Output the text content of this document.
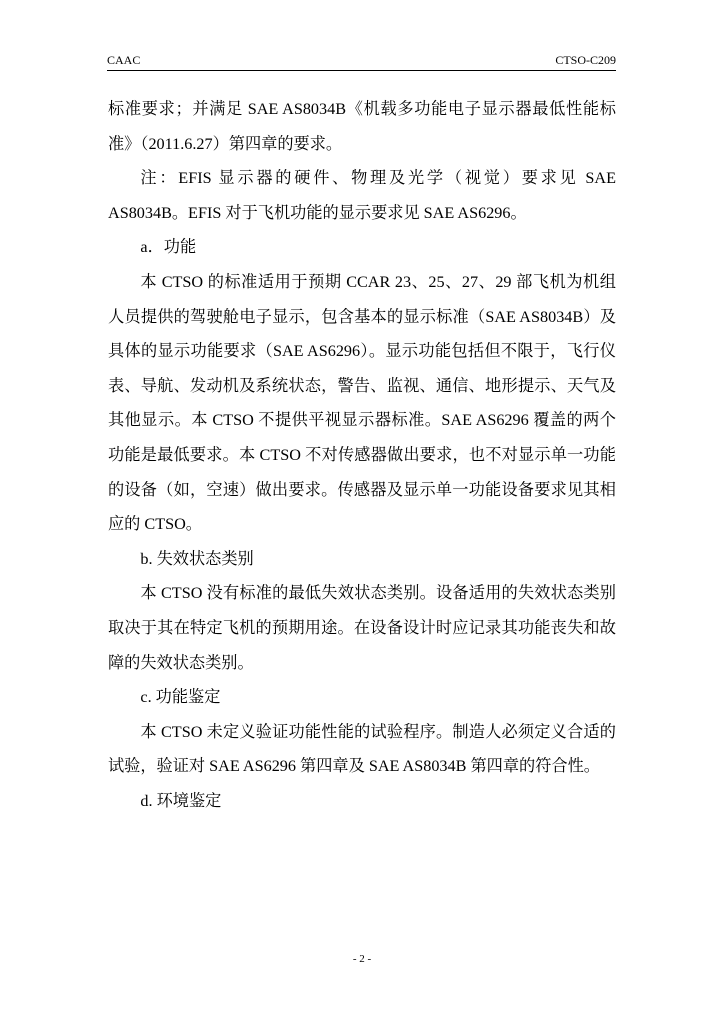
CAAC	CTSO-C209

标准要求；并满足 SAE AS8034B《机载多功能电子显示器最低性能标准》（2011.6.27）第四章的要求。

注：EFIS 显示器的硬件、物理及光学（视觉）要求见 SAE AS8034B。EFIS 对于飞机功能的显示要求见 SAE AS6296。

a．功能

本 CTSO 的标准适用于预期 CCAR 23、25、27、29 部飞机为机组人员提供的驾驶舱电子显示，包含基本的显示标准（SAE AS8034B）及具体的显示功能要求（SAE AS6296）。显示功能包括但不限于，飞行仪表、导航、发动机及系统状态，警告、监视、通信、地形提示、天气及其他显示。本 CTSO 不提供平视显示器标准。SAE AS6296 覆盖的两个功能是最低要求。本 CTSO 不对传感器做出要求，也不对显示单一功能的设备（如，空速）做出要求。传感器及显示单一功能设备要求见其相应的 CTSO。

b. 失效状态类别

本 CTSO 没有标准的最低失效状态类别。设备适用的失效状态类别取决于其在特定飞机的预期用途。在设备设计时应记录其功能丧失和故障的失效状态类别。

c. 功能鉴定

本 CTSO 未定义验证功能性能的试验程序。制造人必须定义合适的试验，验证对 SAE AS6296 第四章及 SAE AS8034B 第四章的符合性。

d. 环境鉴定

- 2 -
